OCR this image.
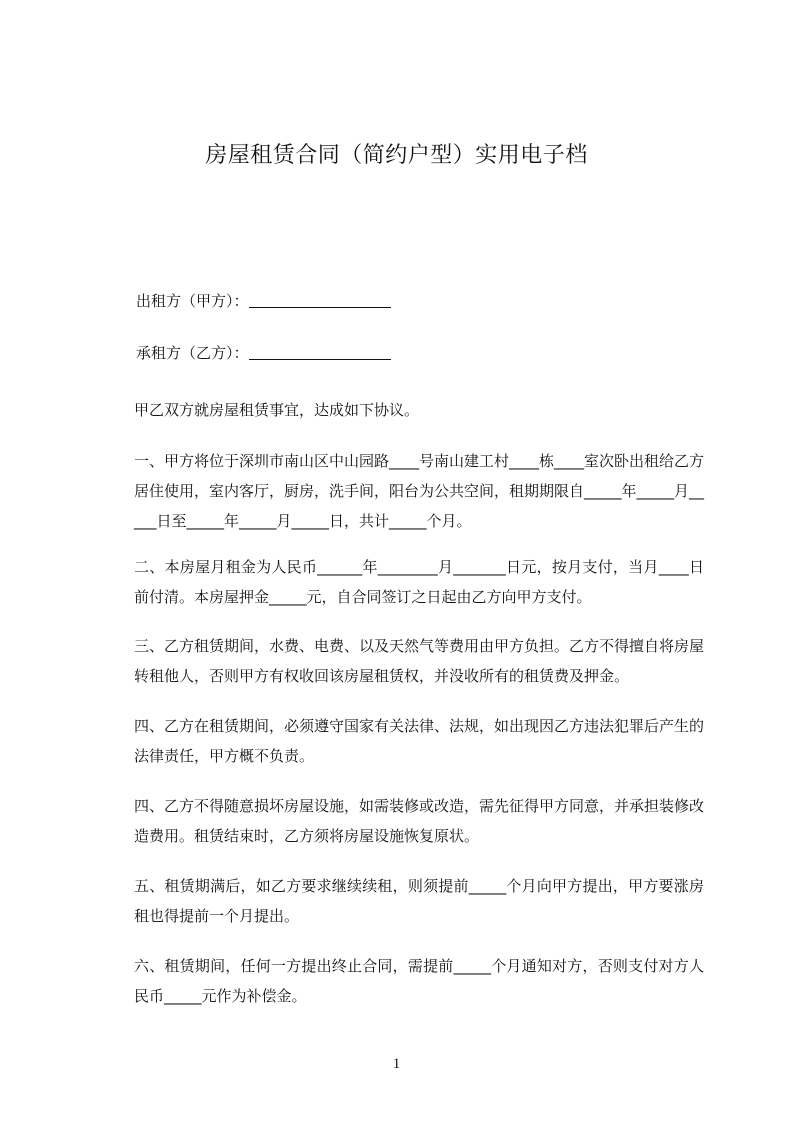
房屋租赁合同（简约户型）实用电子档
出租方（甲方）：
承租方（乙方）：
甲乙双方就房屋租赁事宜，达成如下协议。
一、甲方将位于深圳市南山区中山园路____号南山建工村____栋____室次卧出租给乙方居住使用，室内客厅，厨房，洗手间，阳台为公共空间，租期期限自_____年_____月_____日至_____年_____月_____日，共计_____个月。
二、本房屋月租金为人民币______年________月_______日元，按月支付，当月____日前付清。本房屋押金_____元，自合同签订之日起由乙方向甲方支付。
三、乙方租赁期间，水费、电费、以及天然气等费用由甲方负担。乙方不得擅自将房屋转租他人，否则甲方有权收回该房屋租赁权，并没收所有的租赁费及押金。
四、乙方在租赁期间，必须遵守国家有关法律、法规，如出现因乙方违法犯罪后产生的法律责任，甲方概不负责。
四、乙方不得随意损坏房屋设施，如需装修或改造，需先征得甲方同意，并承担装修改造费用。租赁结束时，乙方须将房屋设施恢复原状。
五、租赁期满后，如乙方要求继续续租，则须提前_____个月向甲方提出，甲方要涨房租也得提前一个月提出。
六、租赁期间，任何一方提出终止合同，需提前_____个月通知对方，否则支付对方人民币_____元作为补偿金。
1
